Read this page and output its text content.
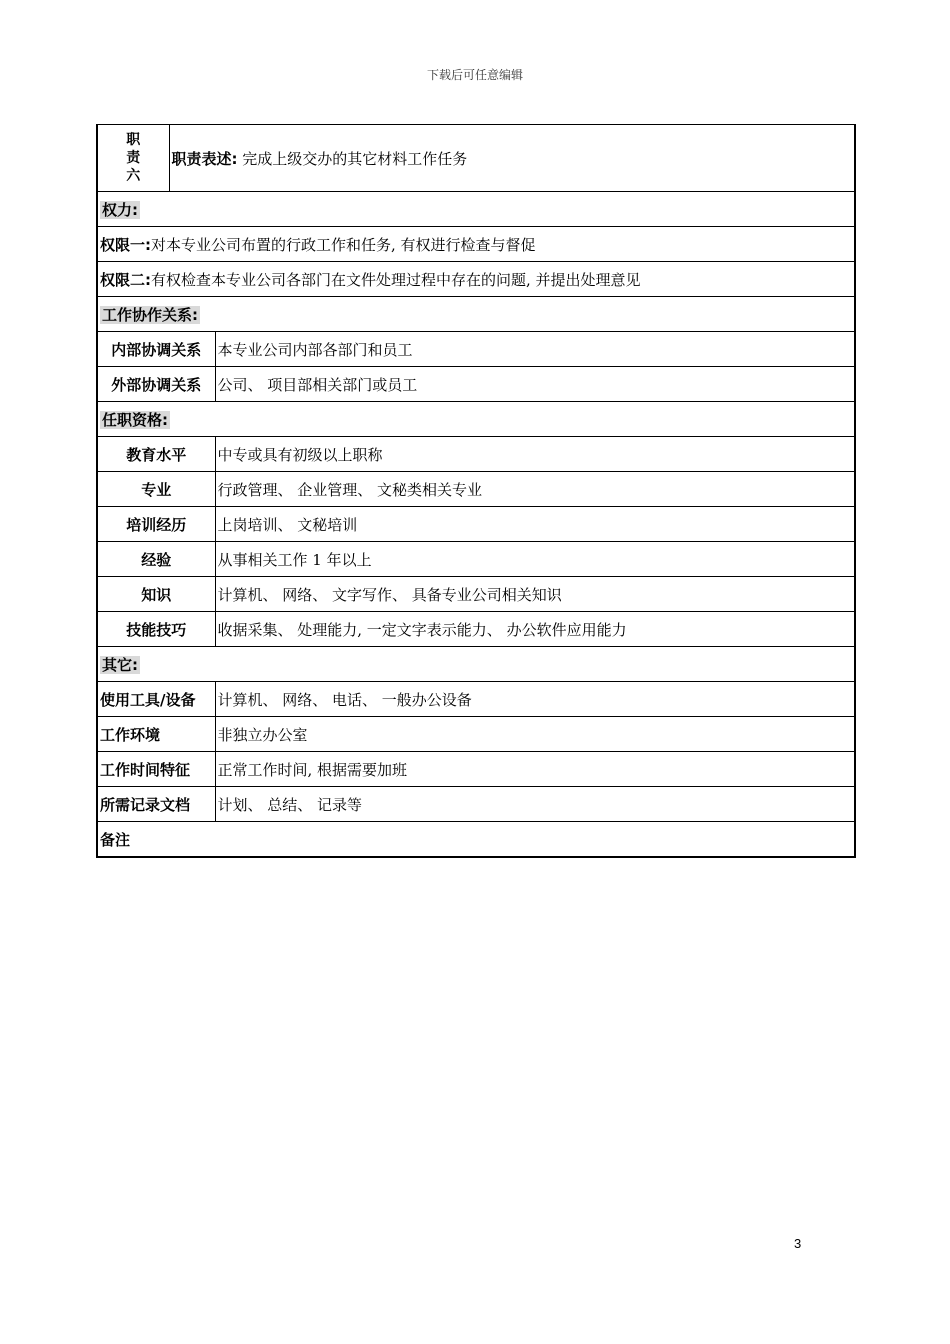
下载后可任意编辑
职
责
六	职责表述: 完成上级交办的其它材料工作任务	
权力:		
权限一:对本专业公司布置的行政工作和任务, 有权进行检查与督促		
权限二:有权检查本专业公司各部门在文件处理过程中存在的问题, 并提出处理意见		
工作协作关系:		
内部协调关系		本专业公司内部各部门和员工
外部协调关系		公司、 项目部相关部门或员工
任职资格:		
教育水平		中专或具有初级以上职称
专业		行政管理、 企业管理、 文秘类相关专业
培训经历		上岗培训、 文秘培训
经验		从事相关工作 1 年以上
知识		计算机、 网络、 文字写作、 具备专业公司相关知识
技能技巧		收据采集、 处理能力, 一定文字表示能力、 办公软件应用能力
其它:		
使用工具/设备		计算机、 网络、 电话、 一般办公设备
工作环境		非独立办公室
工作时间特征		正常工作时间, 根据需要加班
所需记录文档		计划、 总结、 记录等
备注		
3
